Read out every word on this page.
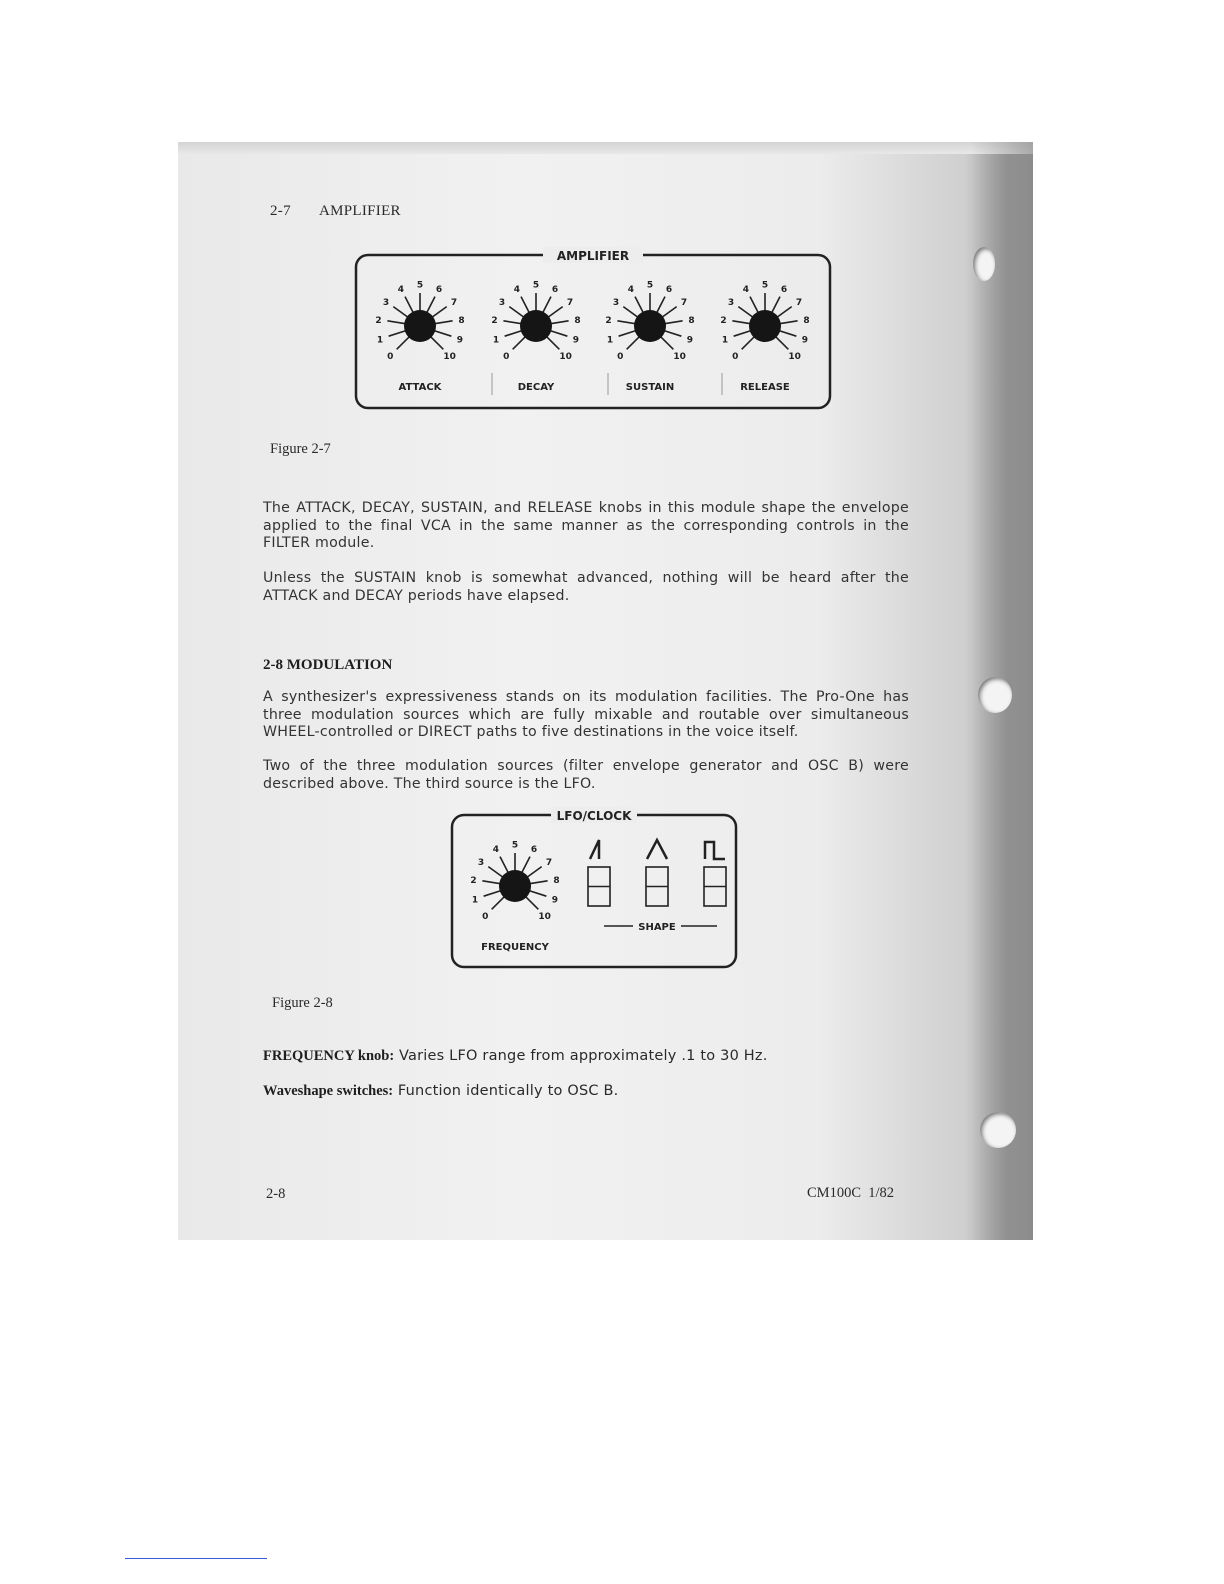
2-7 AMPLIFIER
AMPLIFIER
0
1
2
3
4 5 6
7
8
9
10
ATTACK
0
1
2
3
4 5 6
7
8
9
10
DECAY
0
1
2
3
4 5 6
7
8
9
10
SUSTAIN
0
1
2
3
4 5 6
7
8
9
10
RELEASE
Figure 2-7

The ATTACK, DECAY, SUSTAIN, and RELEASE knobs in this module shape the envelope applied to the final VCA in the same manner as the corresponding controls in the FILTER module.

Unless the SUSTAIN knob is somewhat advanced, nothing will be heard after the ATTACK and DECAY periods have elapsed.

2-8 MODULATION

A synthesizer's expressiveness stands on its modulation facilities. The Pro-One has three modulation sources which are fully mixable and routable over simultaneous WHEEL-controlled or DIRECT paths to five destinations in the voice itself.

Two of the three modulation sources (filter envelope generator and OSC B) were described above. The third source is the LFO.

LFO/CLOCK
0
1
2
3
4 5 6
7
8
9
10
FREQUENCY
SHAPE
Figure 2-8
FREQUENCY knob: Varies LFO range from approximately .1 to 30 Hz.
Waveshape switches: Function identically to OSC B.
2-8	CM100C  1/82
